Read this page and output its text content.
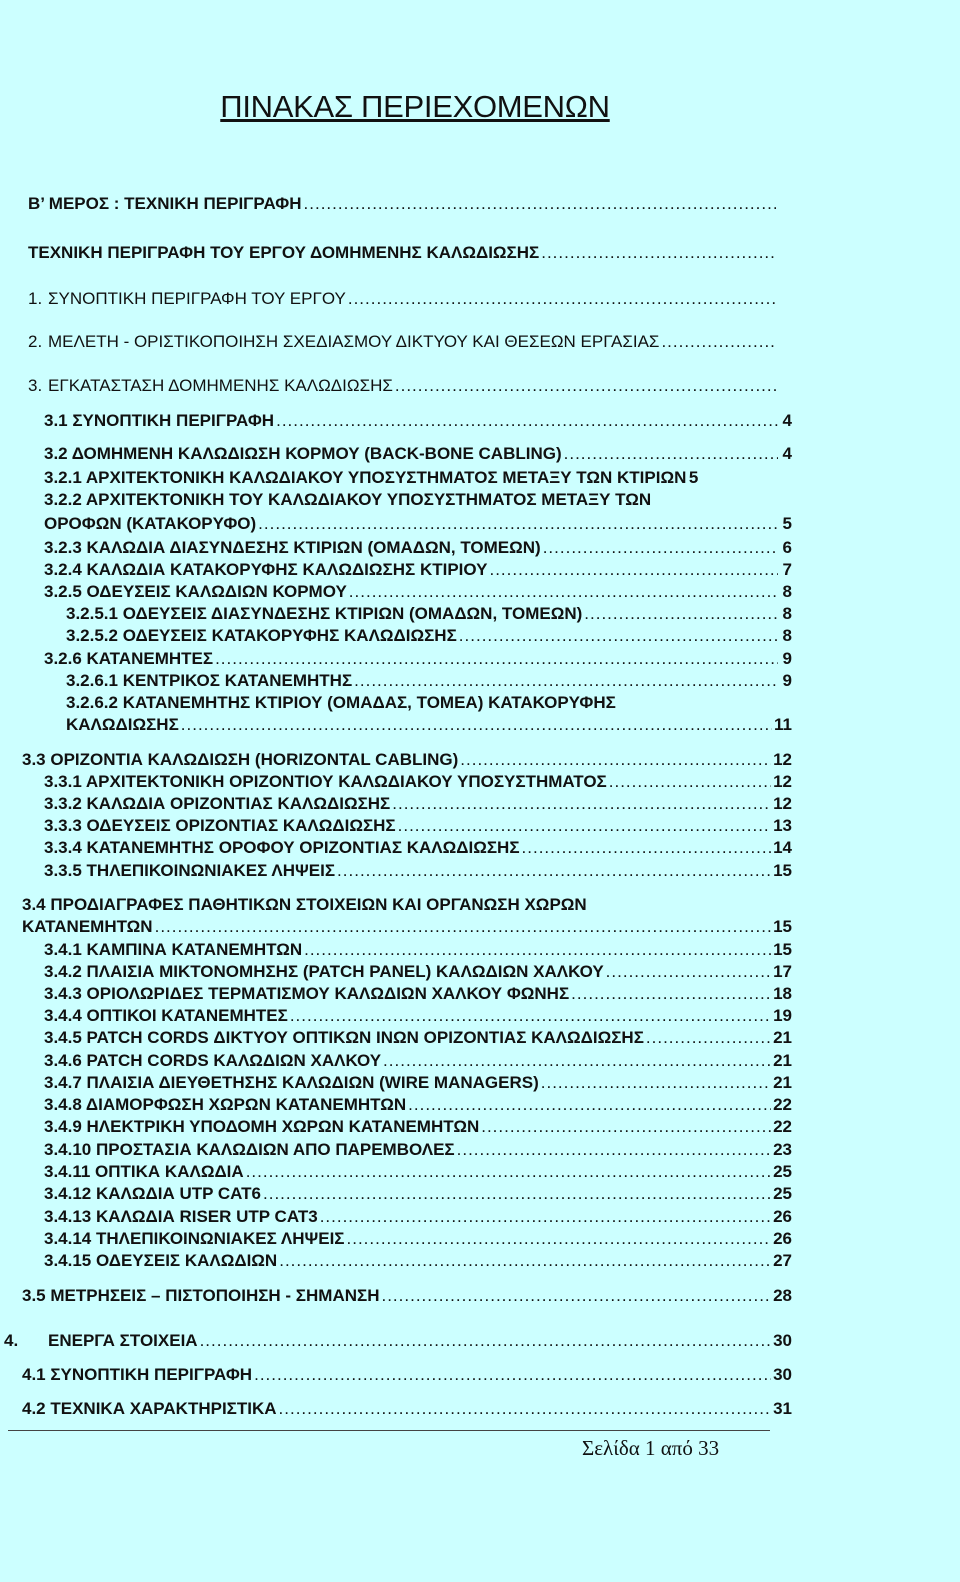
ΠΙΝΑΚΑΣ ΠΕΡΙΕΧΟΜΕΝΩΝ
Β’ ΜΕΡΟΣ : ΤΕΧΝΙΚΗ ΠΕΡΙΓΡΑΦΗ
.....
ΤΕΧΝΙΚΗ ΠΕΡΙΓΡΑΦΗ ΤΟΥ ΕΡΓΟΥ ΔΟΜΗΜΕΝΗΣ ΚΑΛΩΔΙΩΣΗΣ
.....
1. ΣΥΝΟΠΤΙΚΗ ΠΕΡΙΓΡΑΦΗ ΤΟΥ ΕΡΓΟΥ
.....
2. ΜΕΛΕΤΗ - ΟΡΙΣΤΙΚΟΠΟΙΗΣΗ ΣΧΕΔΙΑΣΜΟΥ ΔΙΚΤΥΟΥ ΚΑΙ ΘΕΣΕΩΝ ΕΡΓΑΣΙΑΣ
.....
3. ΕΓΚΑΤΑΣΤΑΣΗ ΔΟΜΗΜΕΝΗΣ ΚΑΛΩΔΙΩΣΗΣ
.....
3.1 ΣΥΝΟΠΤΙΚΗ ΠΕΡΙΓΡΑΦΗ .....	4
3.2 ΔΟΜΗΜΕΝΗ ΚΑΛΩΔΙΩΣΗ ΚΟΡΜΟΥ (BACK-BONE CABLING) .....	4
3.2.1 ΑΡΧΙΤΕΚΤΟΝΙΚΗ ΚΑΛΩΔΙΑΚΟΥ ΥΠΟΣΥΣΤΗΜΑΤΟΣ ΜΕΤΑΞΥ ΤΩΝ ΚΤΙΡΙΩΝ 5
3.2.2 ΑΡΧΙΤΕΚΤΟΝΙΚΗ ΤΟΥ ΚΑΛΩΔΙΑΚΟΥ ΥΠΟΣΥΣΤΗΜΑΤΟΣ ΜΕΤΑΞΥ ΤΩΝ
ΟΡΟΦΩΝ (ΚΑΤΑΚΟΡΥΦΟ) .....	5
3.2.3 ΚΑΛΩΔΙΑ ΔΙΑΣΥΝΔΕΣΗΣ ΚΤΙΡΙΩΝ (ΟΜΑΔΩΝ, ΤΟΜΕΩΝ) .....	6
3.2.4 ΚΑΛΩΔΙΑ ΚΑΤΑΚΟΡΥΦΗΣ ΚΑΛΩΔΙΩΣΗΣ ΚΤΙΡΙΟΥ .....	7
3.2.5 ΟΔΕΥΣΕΙΣ ΚΑΛΩΔΙΩΝ ΚΟΡΜΟΥ .....	8
3.2.5.1 ΟΔΕΥΣΕΙΣ ΔΙΑΣΥΝΔΕΣΗΣ ΚΤΙΡΙΩΝ (ΟΜΑΔΩΝ, ΤΟΜΕΩΝ) .....	8
3.2.5.2 ΟΔΕΥΣΕΙΣ ΚΑΤΑΚΟΡΥΦΗΣ ΚΑΛΩΔΙΩΣΗΣ .....	8
3.2.6 ΚΑΤΑΝΕΜΗΤΕΣ .....	9
3.2.6.1 ΚΕΝΤΡΙΚΟΣ ΚΑΤΑΝΕΜΗΤΗΣ .....	9
3.2.6.2 ΚΑΤΑΝΕΜΗΤΗΣ ΚΤΙΡΙΟΥ (ΟΜΑΔΑΣ, ΤΟΜΕΑ) ΚΑΤΑΚΟΡΥΦΗΣ
ΚΑΛΩΔΙΩΣΗΣ .....	11
3.3 ΟΡΙΖΟΝΤΙΑ ΚΑΛΩΔΙΩΣΗ (HORIZONTAL CABLING) .....	12
3.3.1 ΑΡΧΙΤΕΚΤΟΝΙΚΗ ΟΡΙΖΟΝΤΙΟΥ ΚΑΛΩΔΙΑΚΟΥ ΥΠΟΣΥΣΤΗΜΑΤΟΣ .....	12
3.3.2 ΚΑΛΩΔΙΑ ΟΡΙΖΟΝΤΙΑΣ ΚΑΛΩΔΙΩΣΗΣ .....	12
3.3.3 ΟΔΕΥΣΕΙΣ ΟΡΙΖΟΝΤΙΑΣ ΚΑΛΩΔΙΩΣΗΣ .....	13
3.3.4 ΚΑΤΑΝΕΜΗΤΗΣ ΟΡΟΦΟΥ ΟΡΙΖΟΝΤΙΑΣ ΚΑΛΩΔΙΩΣΗΣ .....	14
3.3.5 ΤΗΛΕΠΙΚΟΙΝΩΝΙΑΚΕΣ ΛΗΨΕΙΣ .....	15
3.4 ΠΡΟΔΙΑΓΡΑΦΕΣ ΠΑΘΗΤΙΚΩΝ ΣΤΟΙΧΕΙΩΝ ΚΑΙ ΟΡΓΑΝΩΣΗ ΧΩΡΩΝ
ΚΑΤΑΝΕΜΗΤΩΝ .....	15
3.4.1 ΚΑΜΠΙΝΑ ΚΑΤΑΝΕΜΗΤΩΝ .....	15
3.4.2 ΠΛΑΙΣΙΑ ΜΙΚΤΟΝΟΜΗΣΗΣ (PATCH PANEL) ΚΑΛΩΔΙΩΝ ΧΑΛΚΟΥ .....	17
3.4.3 ΟΡΙΟΛΩΡΙΔΕΣ ΤΕΡΜΑΤΙΣΜΟΥ ΚΑΛΩΔΙΩΝ ΧΑΛΚΟΥ ΦΩΝΗΣ .....	18
3.4.4 ΟΠΤΙΚΟΙ ΚΑΤΑΝΕΜΗΤΕΣ .....	19
3.4.5 PATCH CORDS ΔΙΚΤΥΟΥ ΟΠΤΙΚΩΝ ΙΝΩΝ ΟΡΙΖΟΝΤΙΑΣ ΚΑΛΩΔΙΩΣΗΣ .....	21
3.4.6 PATCH CORDS ΚΑΛΩΔΙΩΝ ΧΑΛΚΟΥ .....	21
3.4.7 ΠΛΑΙΣΙΑ ΔΙΕΥΘΕΤΗΣΗΣ ΚΑΛΩΔΙΩΝ (WIRE MANAGERS) .....	21
3.4.8 ΔΙΑΜΟΡΦΩΣΗ ΧΩΡΩΝ ΚΑΤΑΝΕΜΗΤΩΝ .....	22
3.4.9 ΗΛΕΚΤΡΙΚΗ ΥΠΟΔΟΜΗ ΧΩΡΩΝ ΚΑΤΑΝΕΜΗΤΩΝ .....	22
3.4.10 ΠΡΟΣΤΑΣΙΑ ΚΑΛΩΔΙΩΝ ΑΠΟ ΠΑΡΕΜΒΟΛΕΣ .....	23
3.4.11 ΟΠΤΙΚΑ ΚΑΛΩΔΙΑ .....	25
3.4.12 ΚΑΛΩΔΙΑ UTP CAT6 .....	25
3.4.13 ΚΑΛΩΔΙΑ RISER UTP CAT3 .....	26
3.4.14 ΤΗΛΕΠΙΚΟΙΝΩΝΙΑΚΕΣ ΛΗΨΕΙΣ .....	26
3.4.15 ΟΔΕΥΣΕΙΣ ΚΑΛΩΔΙΩΝ .....	27
3.5 ΜΕΤΡΗΣΕΙΣ – ΠΙΣΤΟΠΟΙΗΣΗ - ΣΗΜΑΝΣΗ .....	28
4.	ΕΝΕΡΓΑ ΣΤΟΙΧΕΙΑ .....	30
4.1 ΣΥΝΟΠΤΙΚΗ ΠΕΡΙΓΡΑΦΗ .....	30
4.2 ΤΕΧΝΙΚΑ ΧΑΡΑΚΤΗΡΙΣΤΙΚΑ .....	31
Σελίδα 1 από 33
